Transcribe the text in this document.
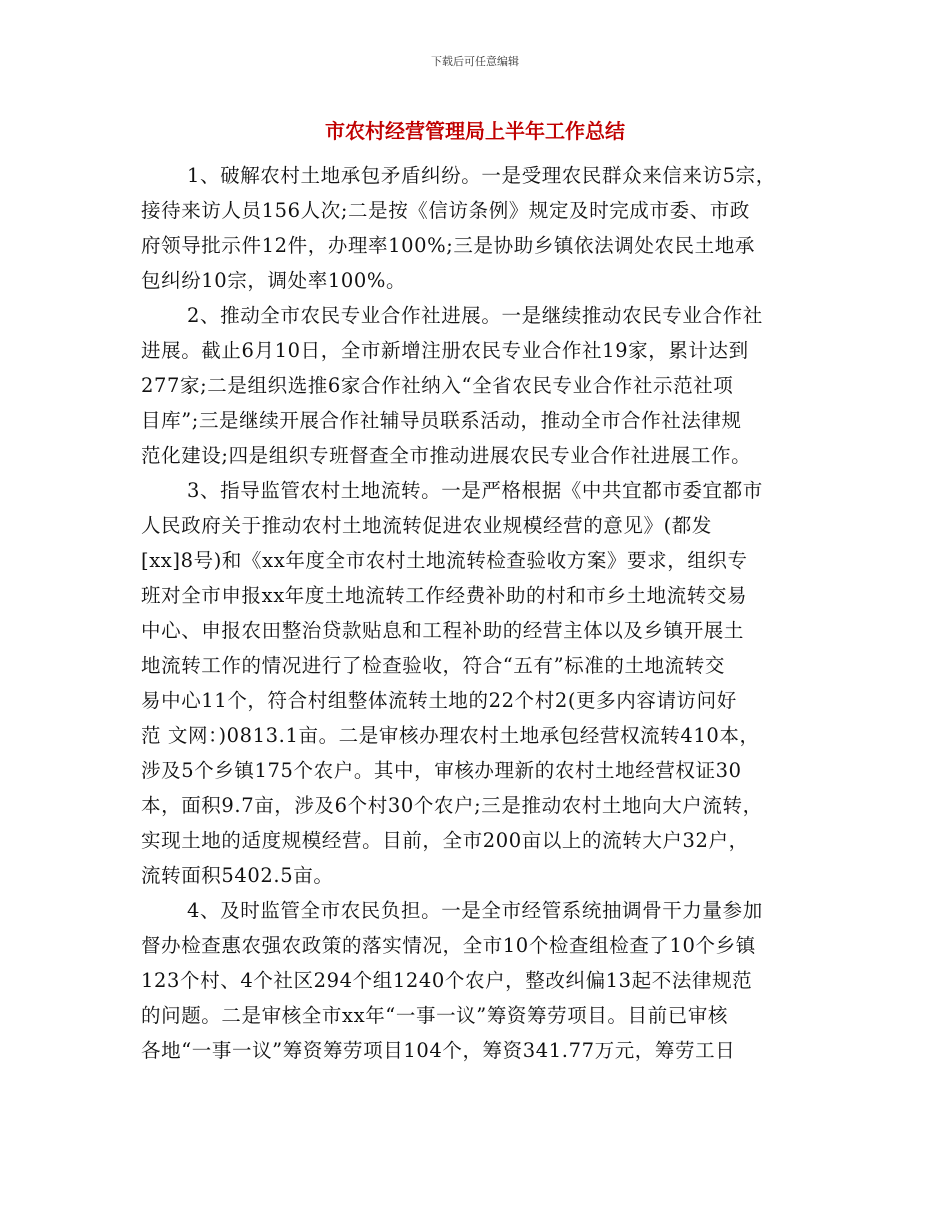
下载后可任意编辑
市农村经营管理局上半年工作总结
1、破解农村土地承包矛盾纠纷。一是受理农民群众来信来访5宗，
接待来访人员156人次;二是按《信访条例》规定及时完成市委、市政
府领导批示件12件，办理率100%;三是协助乡镇依法调处农民土地承
包纠纷10宗，调处率100%。
2、推动全市农民专业合作社进展。一是继续推动农民专业合作社
进展。截止6月10日，全市新增注册农民专业合作社19家，累计达到
277家;二是组织选推6家合作社纳入“全省农民专业合作社示范社项
目库”;三是继续开展合作社辅导员联系活动，推动全市合作社法律规
范化建设;四是组织专班督查全市推动进展农民专业合作社进展工作。
3、指导监管农村土地流转。一是严格根据《中共宜都市委宜都市
人民政府关于推动农村土地流转促进农业规模经营的意见》(都发
[xx]8号)和《xx年度全市农村土地流转检查验收方案》要求，组织专
班对全市申报xx年度土地流转工作经费补助的村和市乡土地流转交易
中心、申报农田整治贷款贴息和工程补助的经营主体以及乡镇开展土
地流转工作的情况进行了检查验收，符合“五有”标准的土地流转交
易中心11个，符合村组整体流转土地的22个村2(更多内容请访问好
范 文网：)0813.1亩。二是审核办理农村土地承包经营权流转410本，
涉及5个乡镇175个农户。其中，审核办理新的农村土地经营权证30
本，面积9.7亩，涉及6个村30个农户;三是推动农村土地向大户流转，
实现土地的适度规模经营。目前，全市200亩以上的流转大户32户，
流转面积5402.5亩。
4、及时监管全市农民负担。一是全市经管系统抽调骨干力量参加
督办检查惠农强农政策的落实情况，全市10个检查组检查了10个乡镇
123个村、4个社区294个组1240个农户，整改纠偏13起不法律规范
的问题。二是审核全市xx年“一事一议”筹资筹劳项目。目前已审核
各地“一事一议”筹资筹劳项目104个，筹资341.77万元，筹劳工日
